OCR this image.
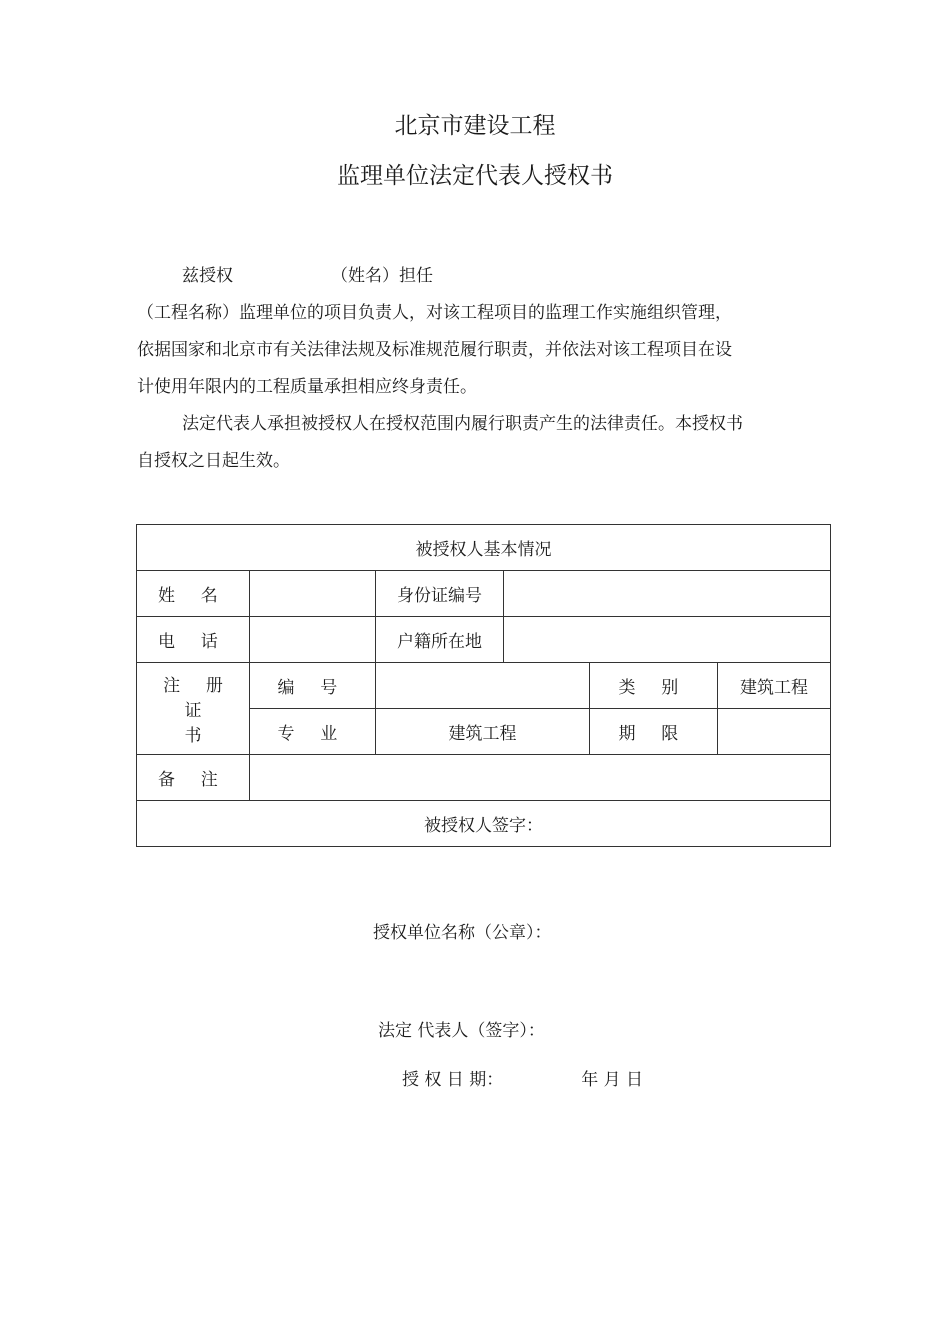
北京市建设工程
监理单位法定代表人授权书
兹授权	（姓名）担任
（工程名称）监理单位的项目负责人，对该工程项目的监理工作实施组织管理，
依据国家和北京市有关法律法规及标准规范履行职责，并依法对该工程项目在设
计使用年限内的工程质量承担相应终身责任。
法定代表人承担被授权人在授权范围内履行职责产生的法律责任。本授权书
自授权之日起生效。
被授权人基本情况					
姓 名		身份证编号			
电 话		户籍所在地			

注 册 证
书	编 号			类 别	建筑工程
	专 业	建筑工程		期 限	
备 注					
被授权人签字：					
授权单位名称（公章）：
法定 代表人（签字）：
授 权 日 期：	年 月 日
